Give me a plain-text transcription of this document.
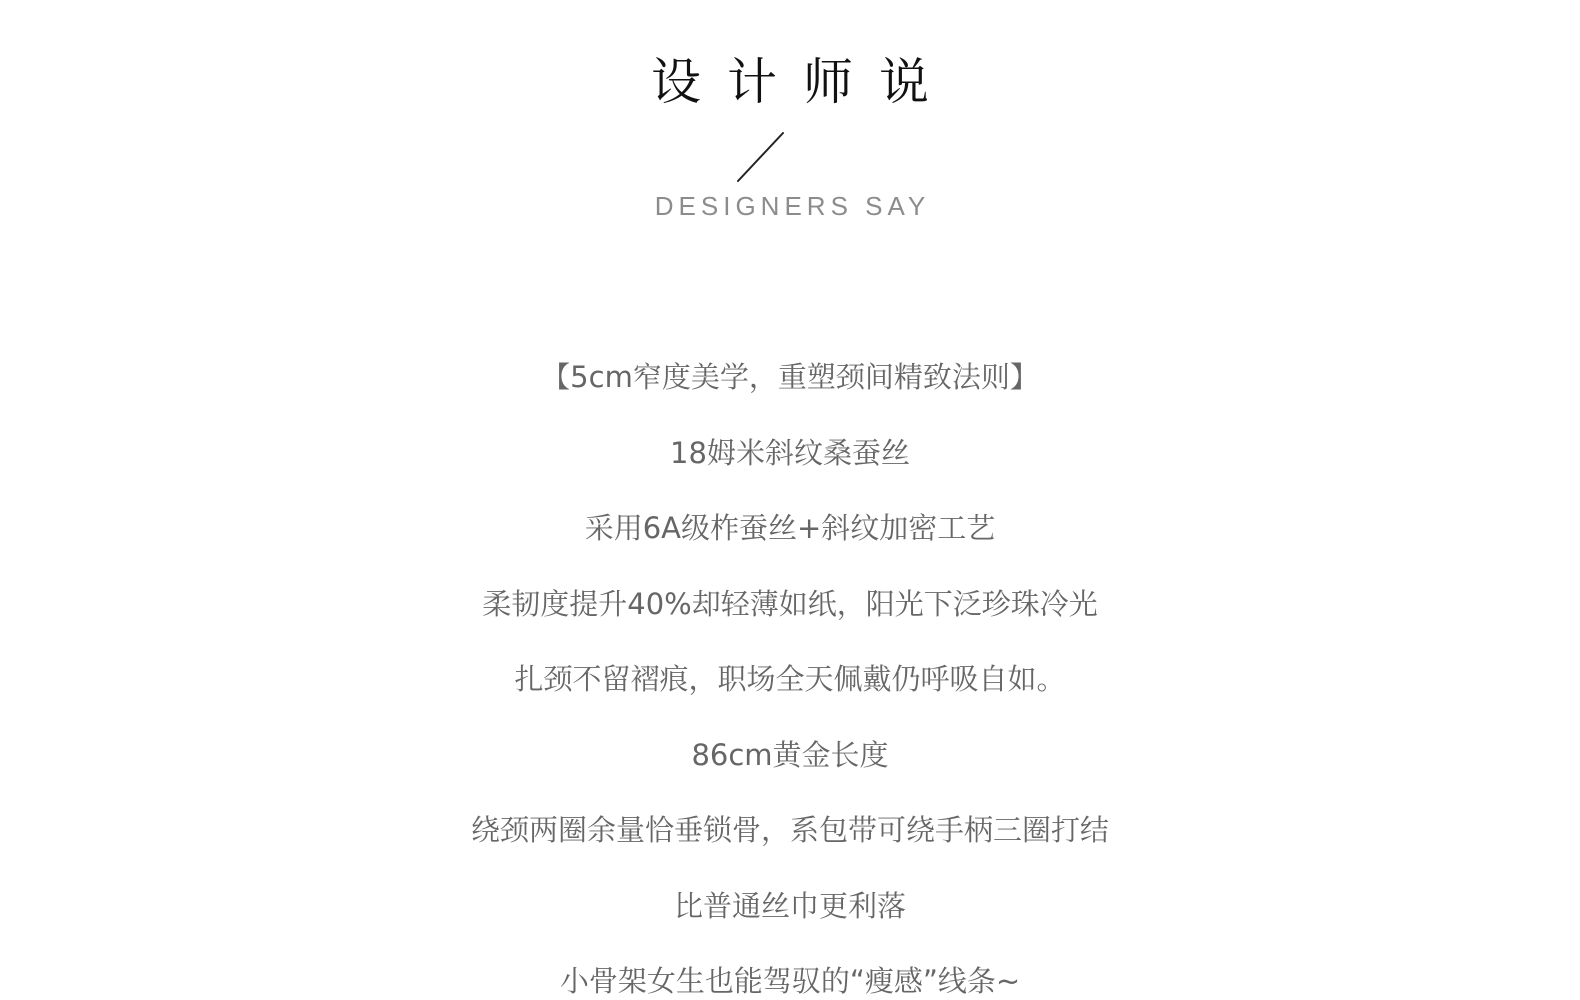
设计师说
DESIGNERS SAY
【5cm窄度美学，重塑颈间精致法则】
18姆米斜纹桑蚕丝
采用6A级柞蚕丝+斜纹加密工艺
柔韧度提升40%却轻薄如纸，阳光下泛珍珠冷光
扎颈不留褶痕，职场全天佩戴仍呼吸自如。
86cm黄金长度
绕颈两圈余量恰垂锁骨，系包带可绕手柄三圈打结
比普通丝巾更利落
小骨架女生也能驾驭的“瘦感”线条~
